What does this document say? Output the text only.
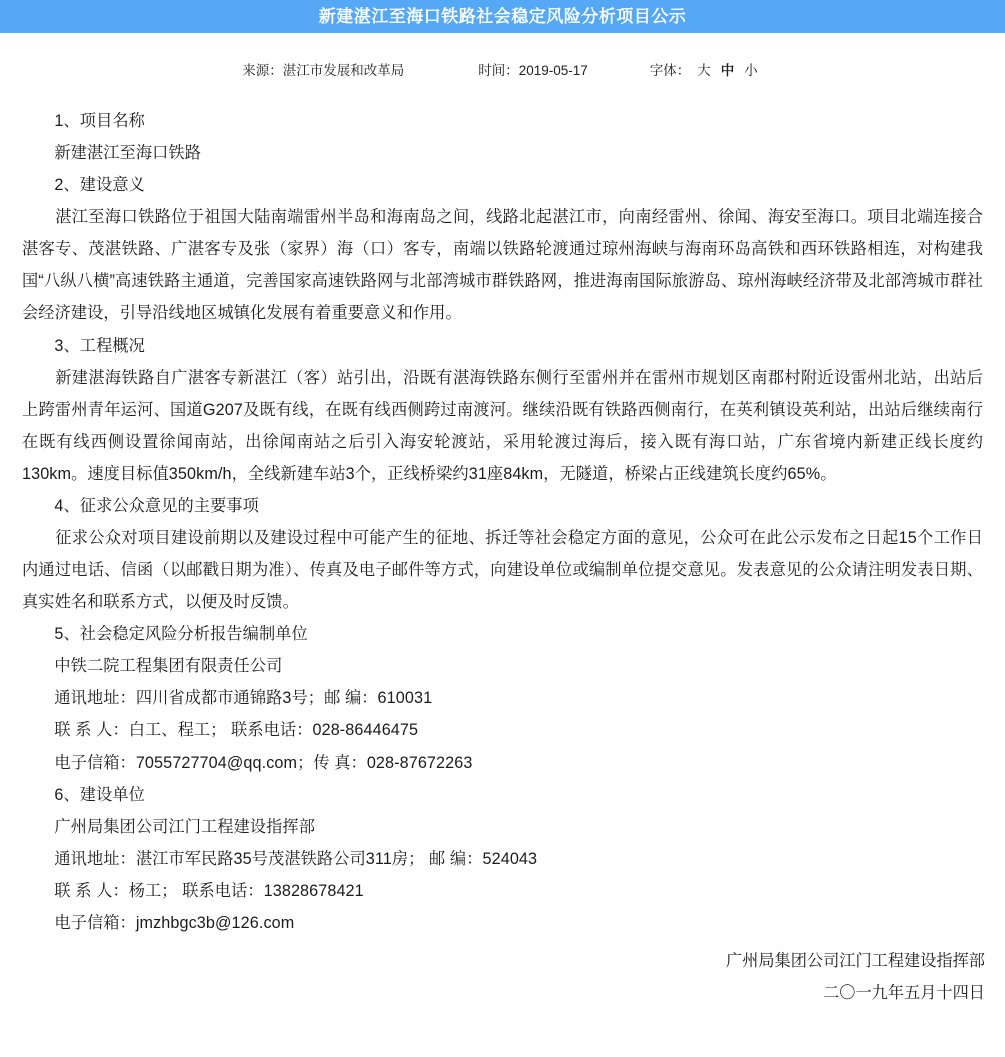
新建湛江至海口铁路社会稳定风险分析项目公示
来源：湛江市发展和改革局	时间：2019-05-17	字体： 大 中 小

1、项目名称

新建湛江至海口铁路

2、建设意义

湛江至海口铁路位于祖国大陆南端雷州半岛和海南岛之间，线路北起湛江市，向南经雷州、徐闻、海安至海口。项目北端连接合湛客专、茂湛铁路、广湛客专及张（家界）海（口）客专，南端以铁路轮渡通过琼州海峡与海南环岛高铁和西环铁路相连，对构建我国“八纵八横”高速铁路主通道，完善国家高速铁路网与北部湾城市群铁路网，推进海南国际旅游岛、琼州海峡经济带及北部湾城市群社会经济建设，引导沿线地区城镇化发展有着重要意义和作用。

3、工程概况

新建湛海铁路自广湛客专新湛江（客）站引出，沿既有湛海铁路东侧行至雷州并在雷州市规划区南郡村附近设雷州北站，出站后上跨雷州青年运河、国道G207及既有线，在既有线西侧跨过南渡河。继续沿既有铁路西侧南行，在英利镇设英利站，出站后继续南行在既有线西侧设置徐闻南站，出徐闻南站之后引入海安轮渡站，采用轮渡过海后，接入既有海口站，广东省境内新建正线长度约130km。速度目标值350km/h，全线新建车站3个，正线桥梁约31座84km，无隧道，桥梁占正线建筑长度约65%。

4、征求公众意见的主要事项

征求公众对项目建设前期以及建设过程中可能产生的征地、拆迁等社会稳定方面的意见，公众可在此公示发布之日起15个工作日内通过电话、信函（以邮戳日期为准）、传真及电子邮件等方式，向建设单位或编制单位提交意见。发表意见的公众请注明发表日期、真实姓名和联系方式，以便及时反馈。

5、社会稳定风险分析报告编制单位

中铁二院工程集团有限责任公司

通讯地址：四川省成都市通锦路3号；邮 编：610031

联 系 人：白工、程工； 联系电话：028-86446475

电子信箱：7055727704@qq.com；传 真：028-87672263

6、建设单位

广州局集团公司江门工程建设指挥部

通讯地址：湛江市军民路35号茂湛铁路公司311房； 邮 编：524043

联 系 人：杨工； 联系电话：13828678421

电子信箱：jmzhbgc3b@126.com

广州局集团公司江门工程建设指挥部
二〇一九年五月十四日
